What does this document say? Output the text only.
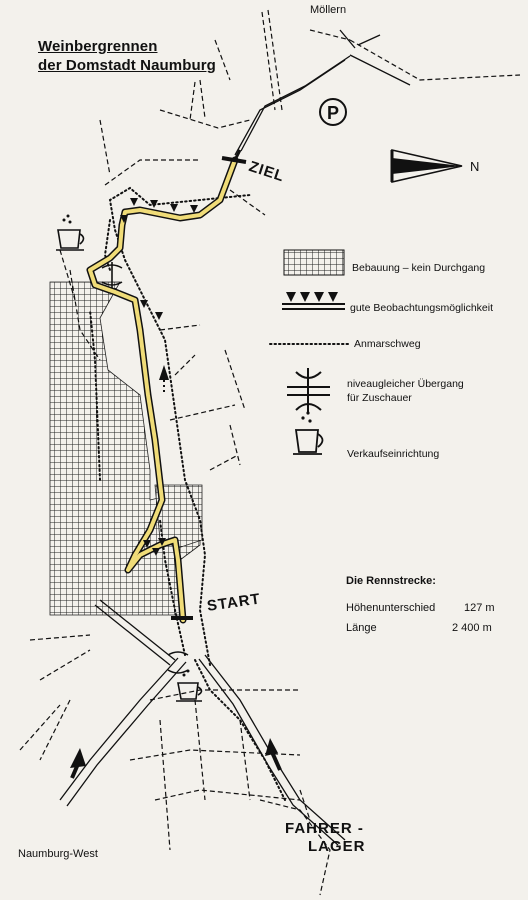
P
N
Weinbergrennen
der Domstadt Naumburg
Möllern
ZIEL
START
FAHRER -
LAGER
Naumburg-West
Bebauung – kein Durchgang
gute Beobachtungsmöglichkeit
Anmarschweg
niveaugleicher Übergang
für Zuschauer
Verkaufseinrichtung
Die Rennstrecke:
Höhenunterschied	127 m
Länge	2 400 m
